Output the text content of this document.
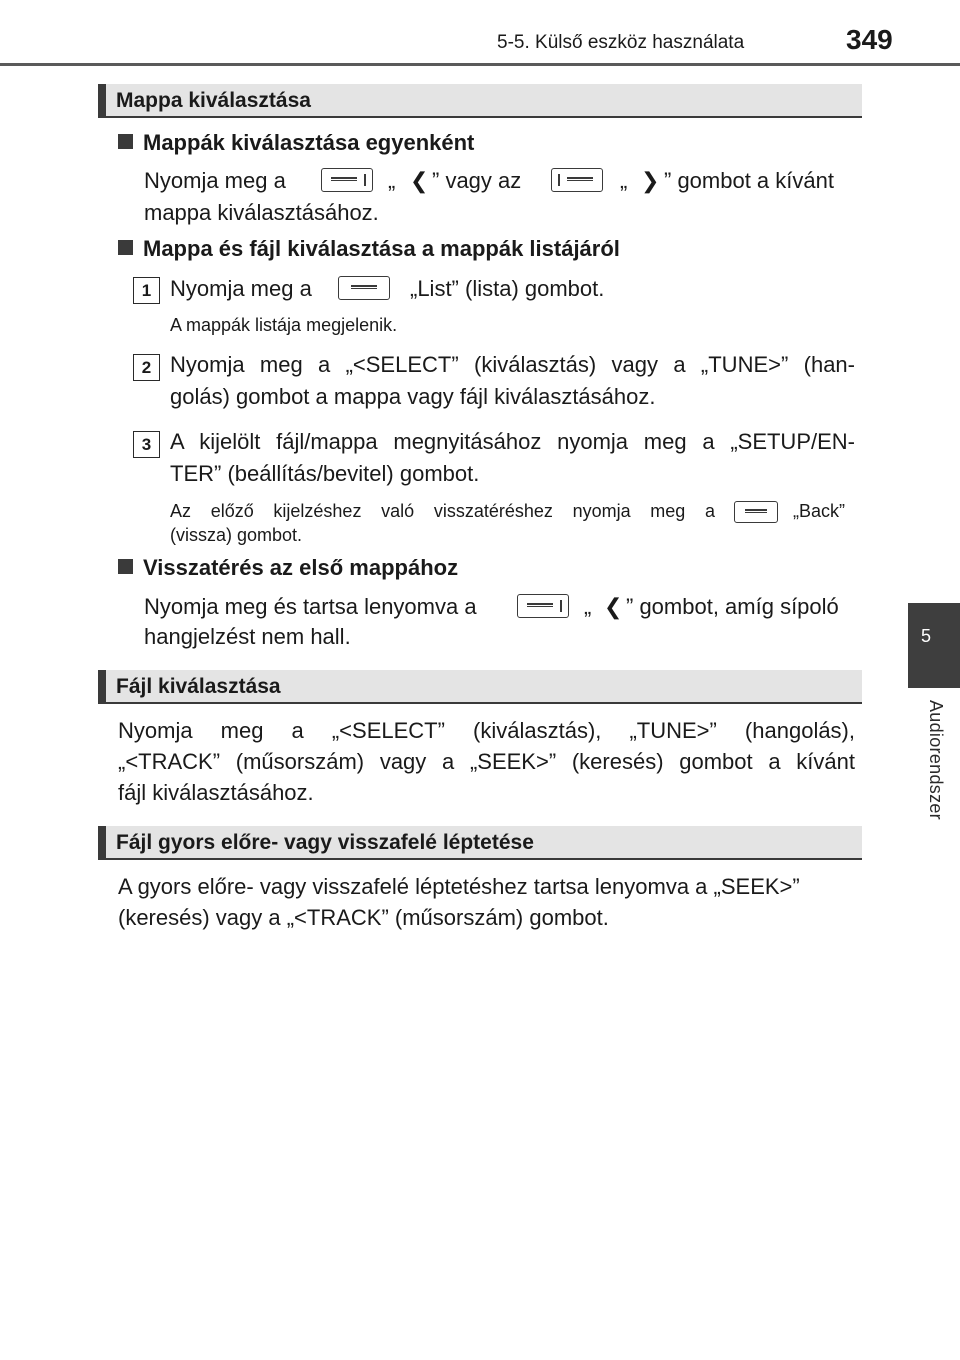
5-5. Külső eszköz használata	349
5
Audiorendszer
Mappa kiválasztása
Mappák kiválasztása egyenként
Nyomja meg a	„ ❮ ” vagy az	„ ❯ ” gombot a kívánt
mappa kiválasztásához.
Mappa és fájl kiválasztása a mappák listájáról
1 Nyomja meg a	„List” (lista) gombot.
A mappák listája megjelenik.
2 Nyomja meg a „<SELECT” (kiválasztás) vagy a „TUNE>” (han-
golás) gombot a mappa vagy fájl kiválasztásához.
3 A kijelölt fájl/mappa megnyitásához nyomja meg a „SETUP/EN-
TER” (beállítás/bevitel) gombot.
Az előző kijelzéshez való visszatéréshez nyomja meg a	„Back”
(vissza) gombot.
Visszatérés az első mappához
Nyomja meg és tartsa lenyomva a	„ ❮ ” gombot, amíg sípoló
hangjelzést nem hall.
Fájl kiválasztása
Nyomja meg a „<SELECT” (kiválasztás), „TUNE>” (hangolás),
„<TRACK” (műsorszám) vagy a „SEEK>” (keresés) gombot a kívánt
fájl kiválasztásához.
Fájl gyors előre- vagy visszafelé léptetése
A gyors előre- vagy visszafelé léptetéshez tartsa lenyomva a „SEEK>”
(keresés) vagy a „<TRACK” (műsorszám) gombot.
